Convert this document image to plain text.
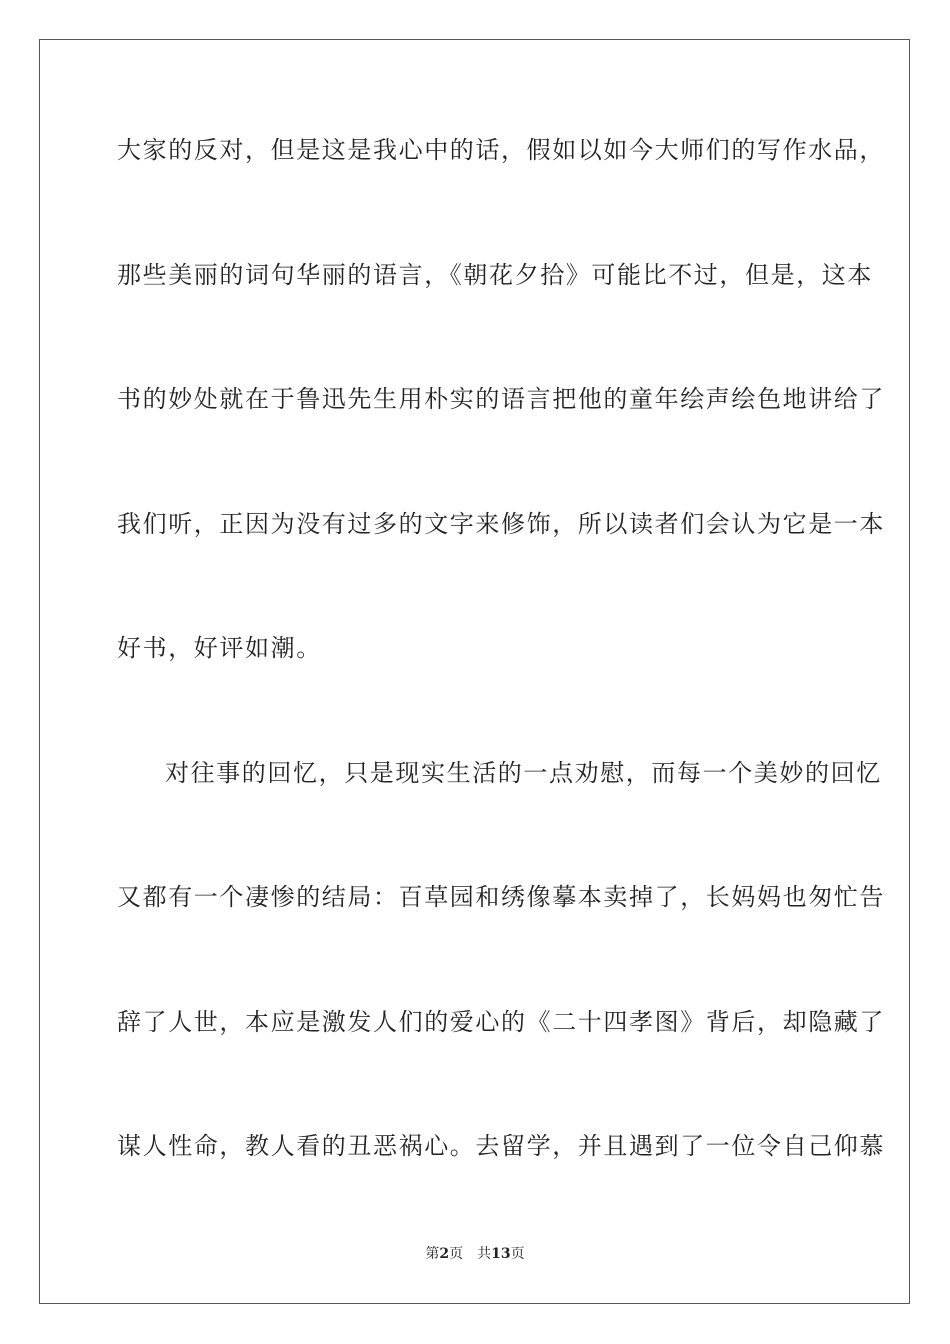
大家的反对，但是这是我心中的话，假如以如今大师们的写作水品，
那些美丽的词句华丽的语言，《朝花夕拾》可能比不过，但是，这本
书的妙处就在于鲁迅先生用朴实的语言把他的童年绘声绘色地讲给了
我们听，正因为没有过多的文字来修饰，所以读者们会认为它是一本
好书，好评如潮。
对往事的回忆，只是现实生活的一点劝慰，而每一个美妙的回忆
又都有一个凄惨的结局：百草园和绣像摹本卖掉了，长妈妈也匆忙告
辞了人世，本应是激发人们的爱心的《二十四孝图》背后，却隐藏了
谋人性命，教人看的丑恶祸心。去留学，并且遇到了一位令自己仰慕
第2页 共13页
